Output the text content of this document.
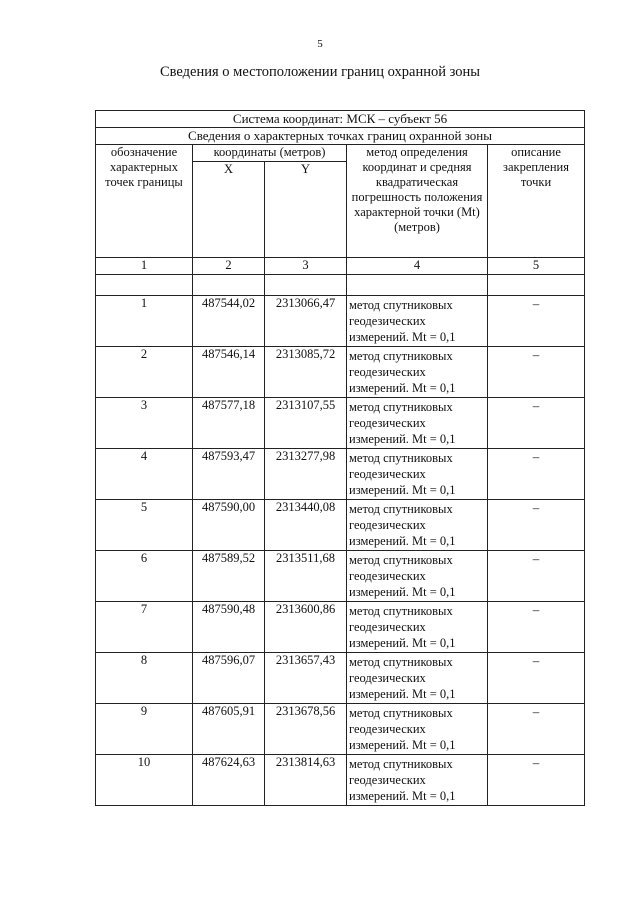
5
Сведения о местоположении границ охранной зоны
Система координат: МСК – субъект 56				
Сведения о характерных точках границ охранной зоны				
обозначение характерных точек границы	координаты (метров)		метод определения координат и средняя квадратическая погрешность положения характерной точки (Mt) (метров)	описание закрепления точки
	X	Y		
1	2	3	4	5

1	487544,02	2313066,47	метод спутниковых геодезических измерений. Mt = 0,1	–
2	487546,14	2313085,72	метод спутниковых геодезических измерений. Mt = 0,1	–
3	487577,18	2313107,55	метод спутниковых геодезических измерений. Mt = 0,1	–
4	487593,47	2313277,98	метод спутниковых геодезических измерений. Mt = 0,1	–
5	487590,00	2313440,08	метод спутниковых геодезических измерений. Mt = 0,1	–
6	487589,52	2313511,68	метод спутниковых геодезических измерений. Mt = 0,1	–
7	487590,48	2313600,86	метод спутниковых геодезических измерений. Mt = 0,1	–
8	487596,07	2313657,43	метод спутниковых геодезических измерений. Mt = 0,1	–
9	487605,91	2313678,56	метод спутниковых геодезических измерений. Mt = 0,1	–
10	487624,63	2313814,63	метод спутниковых геодезических измерений. Mt = 0,1	–
